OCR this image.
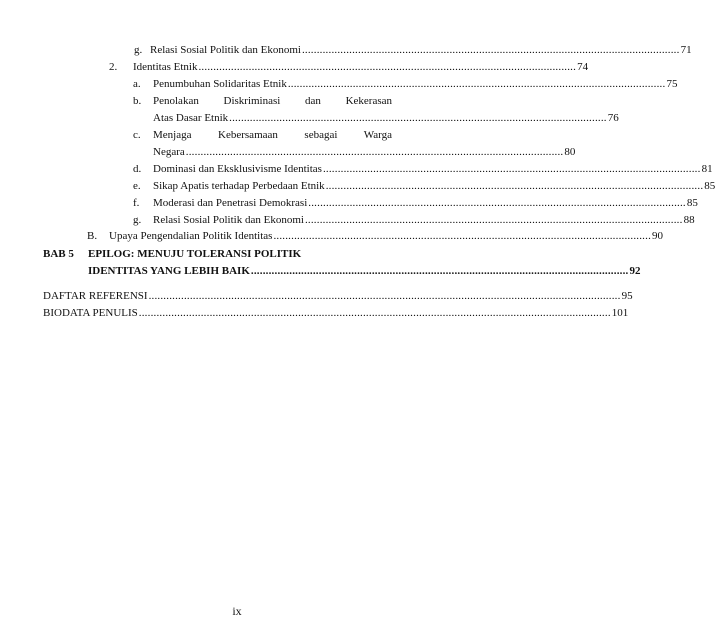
g. Relasi Sosial Politik dan Ekonomi ................................................................................................................................ 71
2. Identitas Etnik ................................................................................................................................ 74
a. Penumbuhan Solidaritas Etnik ................................................................................................................................ 75
b. Penolakan Diskriminasi dan Kekerasan
Atas Dasar Etnik ................................................................................................................................ 76
c. Menjaga Kebersamaan sebagai Warga
Negara ................................................................................................................................ 80
d. Dominasi dan Eksklusivisme Identitas ................................................................................................................................ 81
e. Sikap Apatis terhadap Perbedaan Etnik ................................................................................................................................ 85
f. Moderasi dan Penetrasi Demokrasi ................................................................................................................................ 85
g. Relasi Sosial Politik dan Ekonomi ................................................................................................................................ 88
B. Upaya Pengendalian Politik Identitas ................................................................................................................................ 90
BAB 5 EPILOG: MENUJU TOLERANSI POLITIK
IDENTITAS YANG LEBIH BAIK ................................................................................................................................ 92
DAFTAR REFERENSI ................................................................................................................................................................ 95
BIODATA PENULIS ................................................................................................................................................................ 101
ix
